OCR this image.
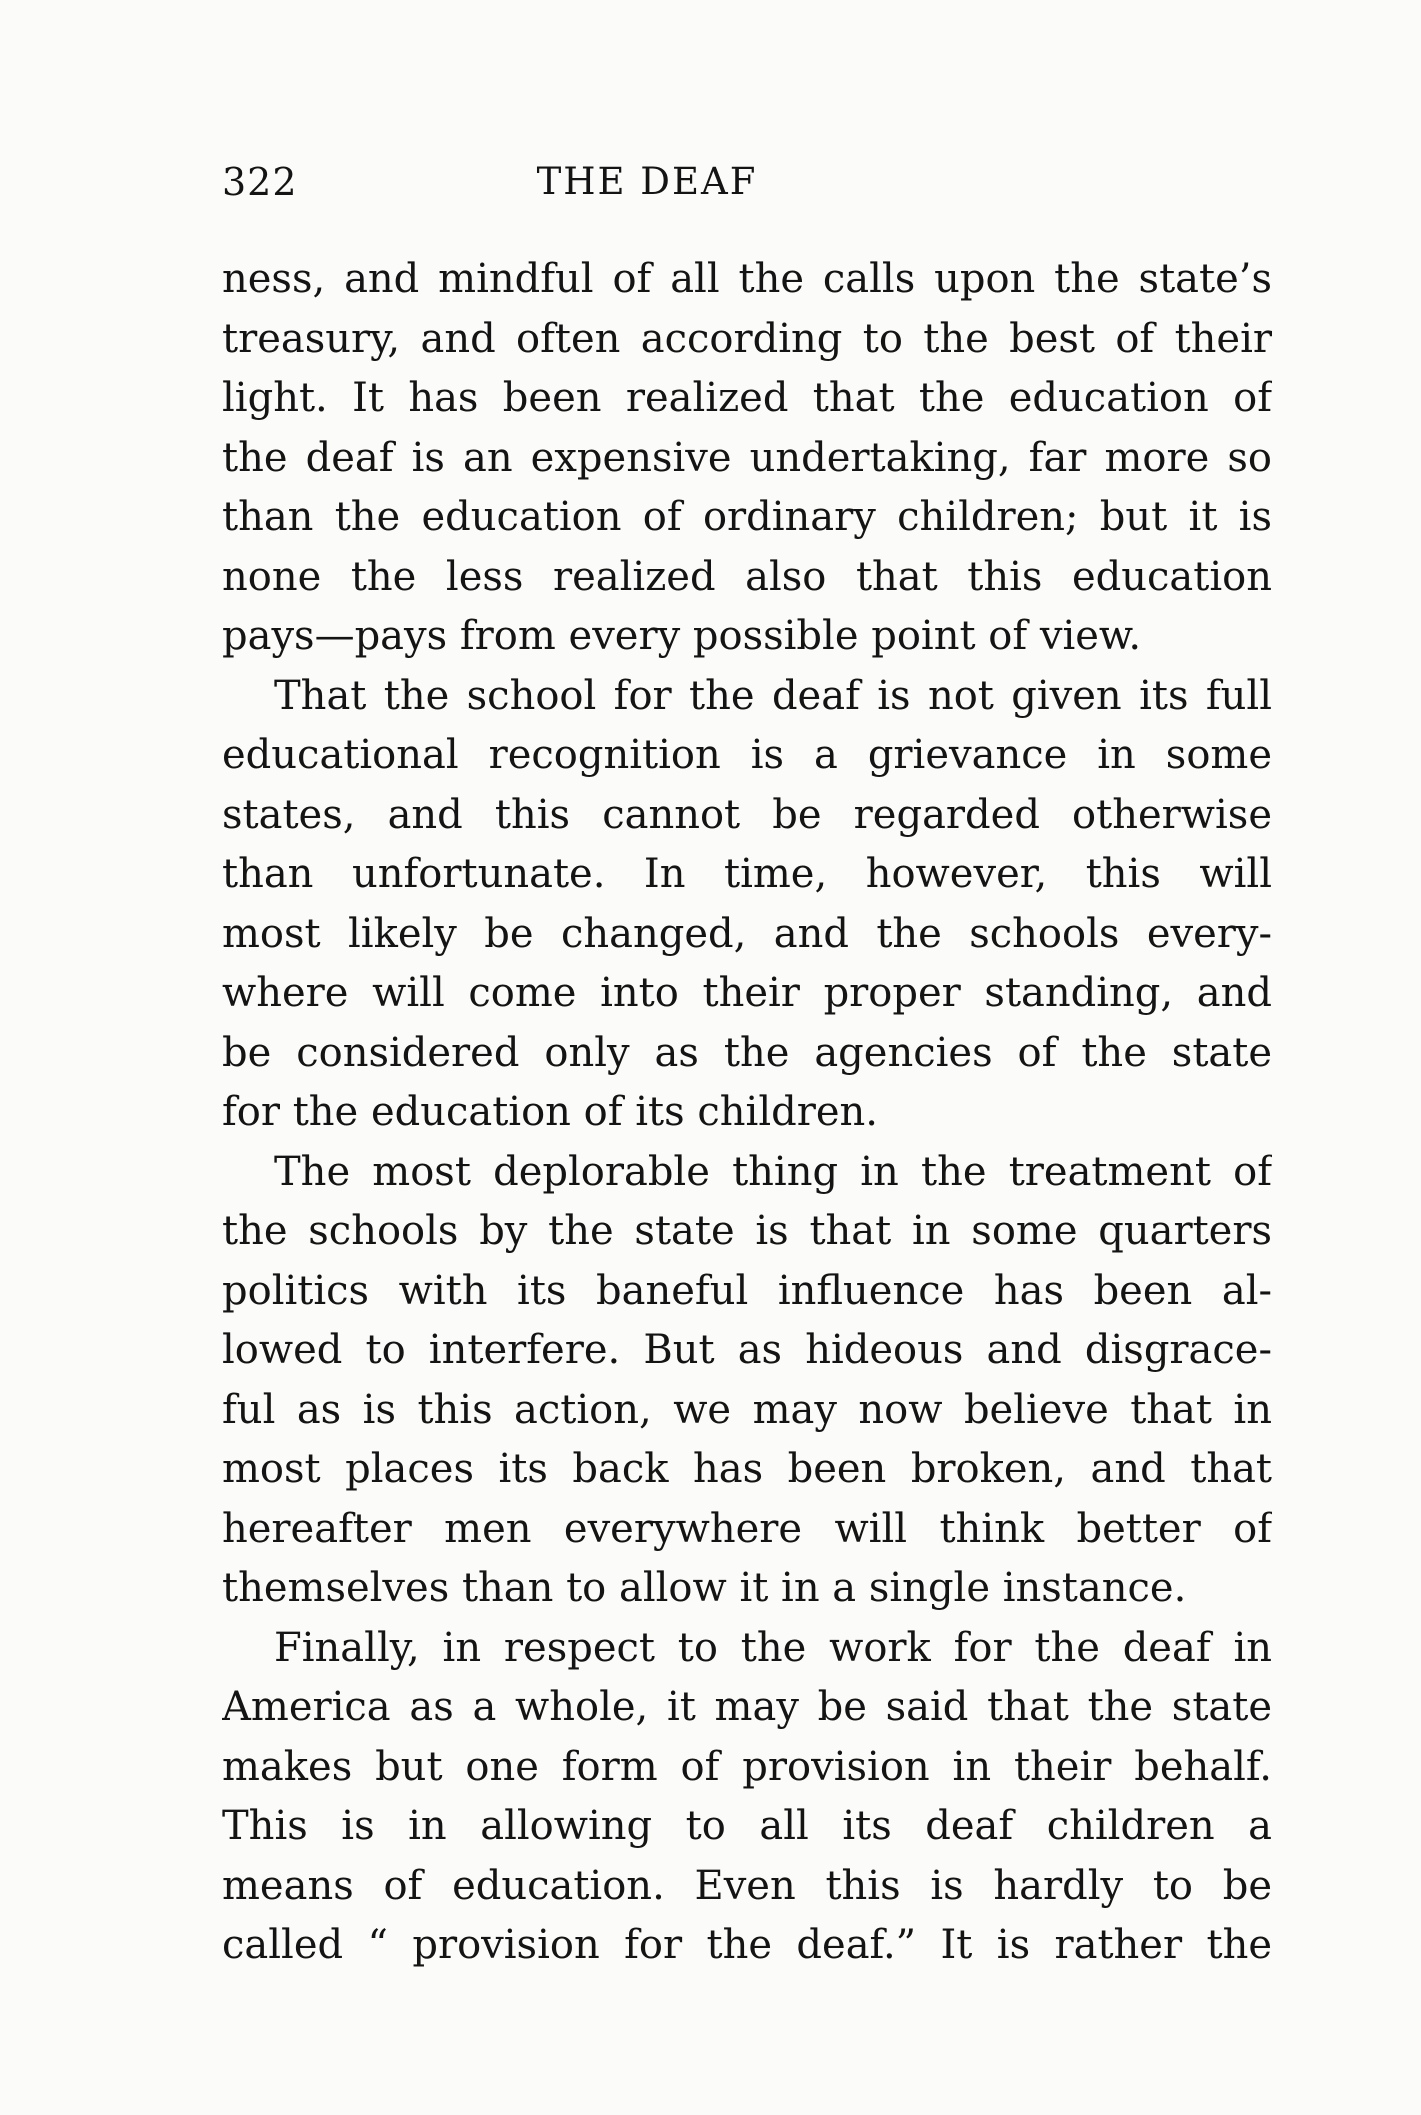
322	THE DEAF
ness, and mindful of all the calls upon the state’s
treasury, and often according to the best of their
light. It has been realized that the education of
the deaf is an expensive undertaking, far more so
than the education of ordinary children; but it is
none the less realized also that this education
pays—pays from every possible point of view.
That the school for the deaf is not given its full
educational recognition is a grievance in some
states, and this cannot be regarded otherwise
than unfortunate. In time, however, this will
most likely be changed, and the schools every-
where will come into their proper standing, and
be considered only as the agencies of the state
for the education of its children.
The most deplorable thing in the treatment of
the schools by the state is that in some quarters
politics with its baneful influence has been al-
lowed to interfere. But as hideous and disgrace-
ful as is this action, we may now believe that in
most places its back has been broken, and that
hereafter men everywhere will think better of
themselves than to allow it in a single instance.
Finally, in respect to the work for the deaf in
America as a whole, it may be said that the state
makes but one form of provision in their behalf.
This is in allowing to all its deaf children a
means of education. Even this is hardly to be
called “ provision for the deaf.” It is rather the
